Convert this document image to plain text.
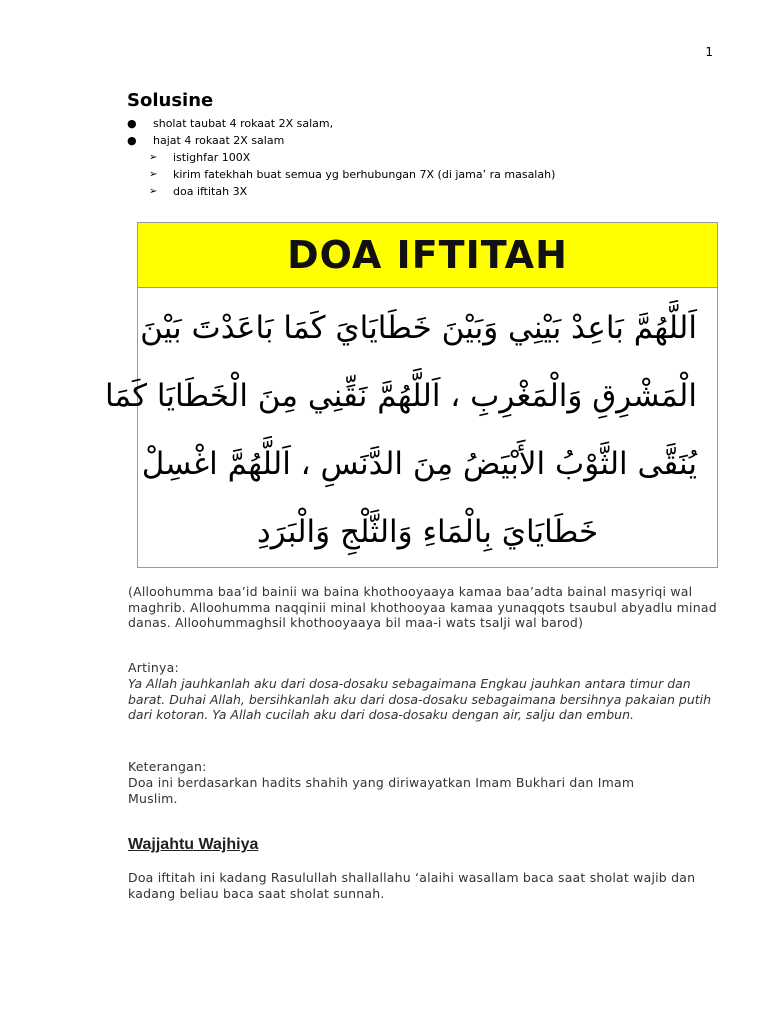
1
Solusine
●	sholat taubat 4 rokaat 2X salam,
●	hajat 4 rokaat 2X salam
➢	istighfar 100X
➢	kirim fatekhah buat semua yg berhubungan 7X (di jama’ ra masalah)
➢	doa iftitah 3X
DOA IFTITAH
اَللَّهُمَّ بَاعِدْ بَيْنِي وَبَيْنَ خَطَايَايَ كَمَا بَاعَدْتَ بَيْنَ
الْمَشْرِقِ وَالْمَغْرِبِ ، اَللَّهُمَّ نَقِّنِي مِنَ الْخَطَايَا كَمَا
يُنَقَّى الثَّوْبُ الأَبْيَضُ مِنَ الدَّنَسِ ، اَللَّهُمَّ اغْسِلْ
خَطَايَايَ بِالْمَاءِ وَالثَّلْجِ وَالْبَرَدِ
(Alloohumma baa’id bainii wa baina khothooyaaya kamaa baa’adta bainal masyriqi wal maghrib. Alloohumma naqqinii minal khothooyaa kamaa yunaqqots tsaubul abyadlu minad danas. Alloohummaghsil khothooyaaya bil maa-i wats tsalji wal barod)
Artinya:
Ya Allah jauhkanlah aku dari dosa-dosaku sebagaimana Engkau jauhkan antara timur dan barat. Duhai Allah, bersihkanlah aku dari dosa-dosaku sebagaimana bersihnya pakaian putih dari kotoran. Ya Allah cucilah aku dari dosa-dosaku dengan air, salju dan embun.
Keterangan:
Doa ini berdasarkan hadits shahih yang diriwayatkan Imam Bukhari dan Imam Muslim.
Wajjahtu Wajhiya
Doa iftitah ini kadang Rasulullah shallallahu ‘alaihi wasallam baca saat sholat wajib dan kadang beliau baca saat sholat sunnah.
